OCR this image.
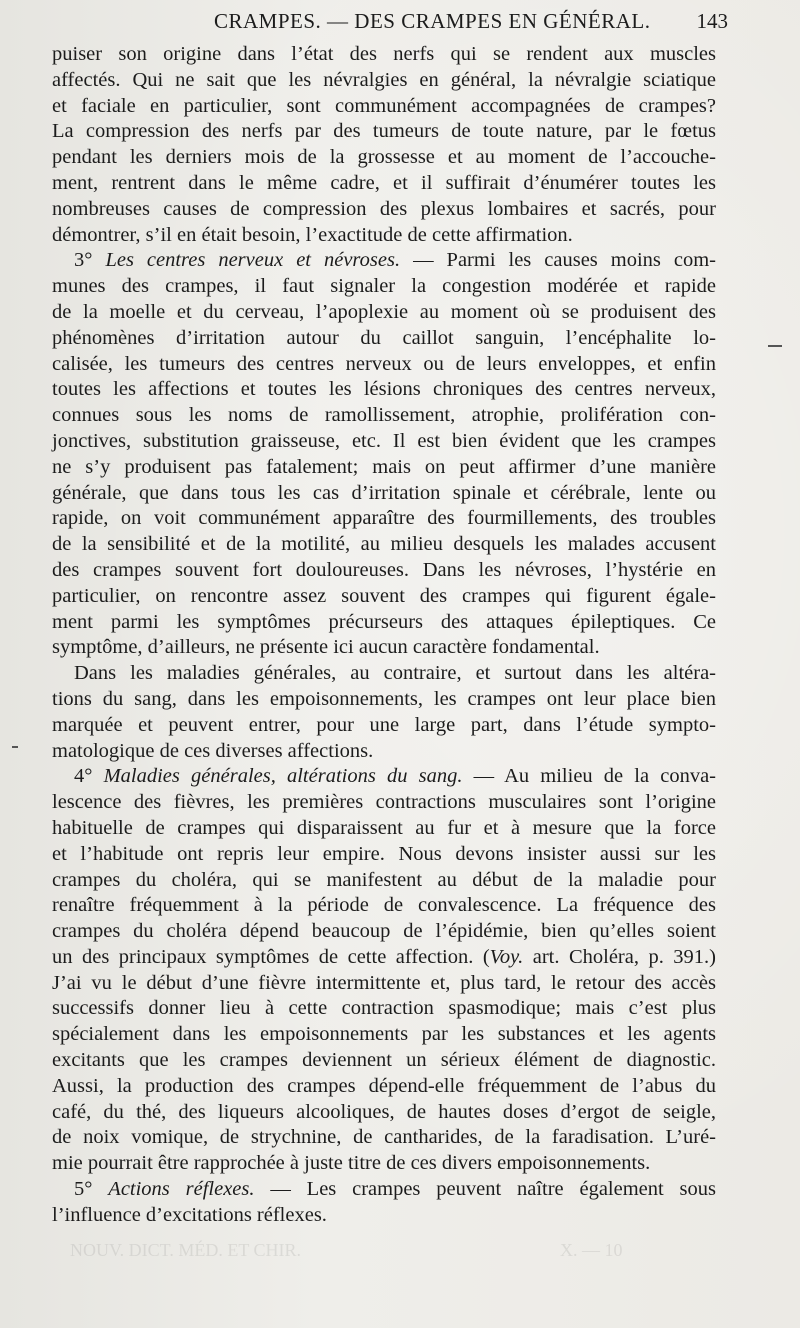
CRAMPES. — DES CRAMPES EN GÉNÉRAL. 143
puiser son origine dans l’état des nerfs qui se rendent aux muscles
affectés. Qui ne sait que les névralgies en général, la névralgie sciatique
et faciale en particulier, sont communément accompagnées de crampes?
La compression des nerfs par des tumeurs de toute nature, par le fœtus
pendant les derniers mois de la grossesse et au moment de l’accouche-
ment, rentrent dans le même cadre, et il suffirait d’énumérer toutes les
nombreuses causes de compression des plexus lombaires et sacrés, pour
démontrer, s’il en était besoin, l’exactitude de cette affirmation.
3° Les centres nerveux et névroses. — Parmi les causes moins com-
munes des crampes, il faut signaler la congestion modérée et rapide
de la moelle et du cerveau, l’apoplexie au moment où se produisent des
phénomènes d’irritation autour du caillot sanguin, l’encéphalite lo-
calisée, les tumeurs des centres nerveux ou de leurs enveloppes, et enfin
toutes les affections et toutes les lésions chroniques des centres nerveux,
connues sous les noms de ramollissement, atrophie, prolifération con-
jonctives, substitution graisseuse, etc. Il est bien évident que les crampes
ne s’y produisent pas fatalement; mais on peut affirmer d’une manière
générale, que dans tous les cas d’irritation spinale et cérébrale, lente ou
rapide, on voit communément apparaître des fourmillements, des troubles
de la sensibilité et de la motilité, au milieu desquels les malades accusent
des crampes souvent fort douloureuses. Dans les névroses, l’hystérie en
particulier, on rencontre assez souvent des crampes qui figurent égale-
ment parmi les symptômes précurseurs des attaques épileptiques. Ce
symptôme, d’ailleurs, ne présente ici aucun caractère fondamental.
Dans les maladies générales, au contraire, et surtout dans les altéra-
tions du sang, dans les empoisonnements, les crampes ont leur place bien
marquée et peuvent entrer, pour une large part, dans l’étude sympto-
matologique de ces diverses affections.
4° Maladies générales, altérations du sang. — Au milieu de la conva-
lescence des fièvres, les premières contractions musculaires sont l’origine
habituelle de crampes qui disparaissent au fur et à mesure que la force
et l’habitude ont repris leur empire. Nous devons insister aussi sur les
crampes du choléra, qui se manifestent au début de la maladie pour
renaître fréquemment à la période de convalescence. La fréquence des
crampes du choléra dépend beaucoup de l’épidémie, bien qu’elles soient
un des principaux symptômes de cette affection. (Voy. art. Choléra, p. 391.)
J’ai vu le début d’une fièvre intermittente et, plus tard, le retour des accès
successifs donner lieu à cette contraction spasmodique; mais c’est plus
spécialement dans les empoisonnements par les substances et les agents
excitants que les crampes deviennent un sérieux élément de diagnostic.
Aussi, la production des crampes dépend-elle fréquemment de l’abus du
café, du thé, des liqueurs alcooliques, de hautes doses d’ergot de seigle,
de noix vomique, de strychnine, de cantharides, de la faradisation. L’uré-
mie pourrait être rapprochée à juste titre de ces divers empoisonnements.
5° Actions réflexes. — Les crampes peuvent naître également sous
l’influence d’excitations réflexes.
NOUV. DICT. MÉD. ET CHIR.	X. — 10
